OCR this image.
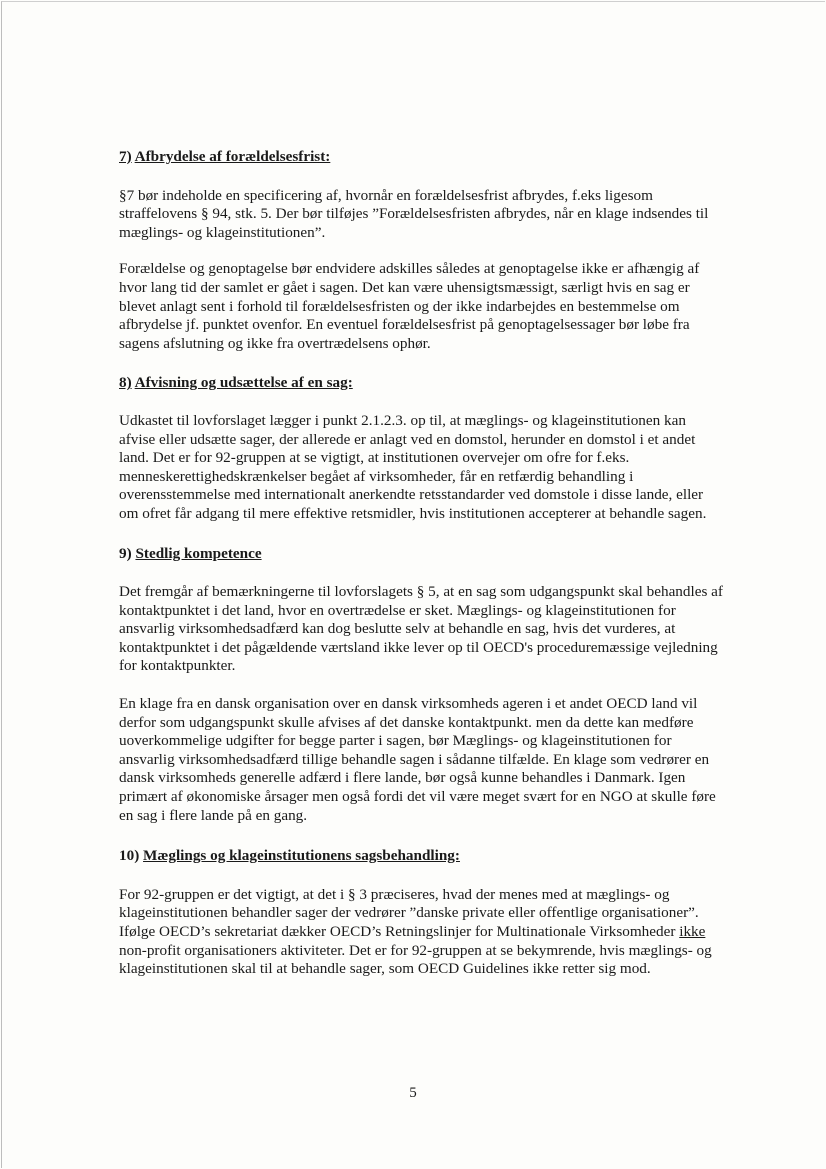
7) Afbrydelse af forældelsesfrist:

§7 bør indeholde en specificering af, hvornår en forældelsesfrist afbrydes, f.eks ligesom straffelovens § 94, stk. 5. Der bør tilføjes ”Forældelsesfristen afbrydes, når en klage indsendes til mæglings- og klageinstitutionen”.

Forældelse og genoptagelse bør endvidere adskilles således at genoptagelse ikke er afhængig af hvor lang tid der samlet er gået i sagen. Det kan være uhensigtsmæssigt, særligt hvis en sag er blevet anlagt sent i forhold til forældelsesfristen og der ikke indarbejdes en bestemmelse om afbrydelse jf. punktet ovenfor. En eventuel forældelsesfrist på genoptagelsessager bør løbe fra sagens afslutning og ikke fra overtrædelsens ophør.

8) Afvisning og udsættelse af en sag:

Udkastet til lovforslaget lægger i punkt 2.1.2.3. op til, at mæglings- og klageinstitutionen kan afvise eller udsætte sager, der allerede er anlagt ved en domstol, herunder en domstol i et andet land. Det er for 92-gruppen at se vigtigt, at institutionen overvejer om ofre for f.eks. menneskerettighedskrænkelser begået af virksomheder, får en retfærdig behandling i overensstemmelse med internationalt anerkendte retsstandarder ved domstole i disse lande, eller om ofret får adgang til mere effektive retsmidler, hvis institutionen accepterer at behandle sagen.

9) Stedlig kompetence

Det fremgår af bemærkningerne til lovforslagets § 5, at en sag som udgangspunkt skal behandles af kontaktpunktet i det land, hvor en overtrædelse er sket. Mæglings- og klageinstitutionen for ansvarlig virksomhedsadfærd kan dog beslutte selv at behandle en sag, hvis det vurderes, at kontaktpunktet i det pågældende værtsland ikke lever op til OECD's proceduremæssige vejledning for kontaktpunkter.

En klage fra en dansk organisation over en dansk virksomheds ageren i et andet OECD land vil derfor som udgangspunkt skulle afvises af det danske kontaktpunkt. men da dette kan medføre uoverkommelige udgifter for begge parter i sagen, bør Mæglings- og klageinstitutionen for ansvarlig virksomhedsadfærd tillige behandle sagen i sådanne tilfælde. En klage som vedrører en dansk virksomheds generelle adfærd i flere lande, bør også kunne behandles i Danmark. Igen primært af økonomiske årsager men også fordi det vil være meget svært for en NGO at skulle føre en sag i flere lande på en gang.

10) Mæglings og klageinstitutionens sagsbehandling:

For 92-gruppen er det vigtigt, at det i § 3 præciseres, hvad der menes med at mæglings- og klageinstitutionen behandler sager der vedrører ”danske private eller offentlige organisationer”. Ifølge OECD’s sekretariat dækker OECD’s Retningslinjer for Multinationale Virksomheder ikke non-profit organisationers aktiviteter. Det er for 92-gruppen at se bekymrende, hvis mæglings- og klageinstitutionen skal til at behandle sager, som OECD Guidelines ikke retter sig mod.

5
